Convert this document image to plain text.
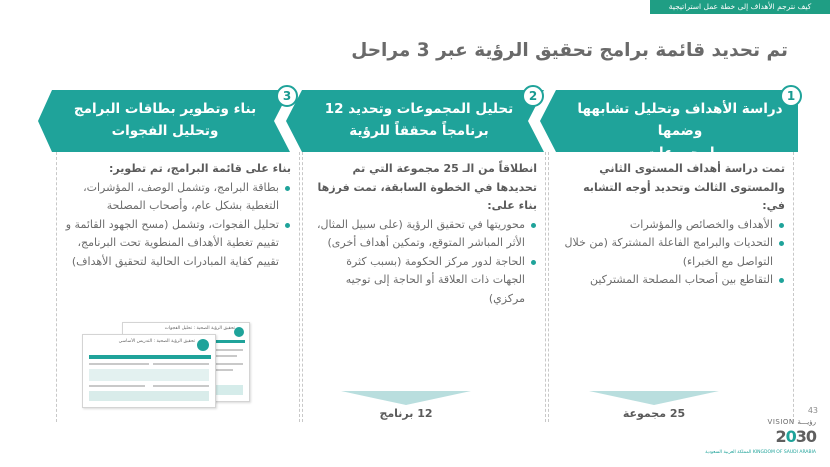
كيف نترجم الأهداف إلى خطة عمل استراتيجية
تم تحديد قائمة برامج تحقيق الرؤية عبر 3 مراحل
بناء وتطوير بطاقات البرامج
وتحليل الفجوات
3
تحليل المجموعات وتحديد 12
برنامجاً محققاً للرؤية
2
دراسة الأهداف وتحليل تشابهها وضمها
لمجموعات
1
بناء على قائمة البرامج، تم تطوير:
بطاقة البرامج، وتشمل الوصف، المؤشرات، التغطية بشكل عام، وأصحاب المصلحة
تحليل الفجوات، وتشمل (مسح الجهود القائمة و تقييم تغطية الأهداف المنطوية تحت البرنامج، تقييم كفاية المبادرات الحالية لتحقيق الأهداف)
انطلاقاً من الـ 25 مجموعة التي تم تحديدها في الخطوة السابقة، تمت فرزها بناء على:
محوريتها في تحقيق الرؤية (على سبيل المثال، الأثر المباشر المتوقع، وتمكين أهداف أخرى)
الحاجة لدور مركز الحكومة (بسبب كثرة الجهات ذات العلاقة أو الحاجة إلى توجيه مركزي)
تمت دراسة أهداف المستوى الثاني والمستوى الثالث وتحديد أوجه التشابه في:
الأهداف والخصائص والمؤشرات
التحديات والبرامج الفاعلة المشتركة (من خلال التواصل مع الخبراء)
التقاطع بين أصحاب المصلحة المشتركين
تحقيق الرؤية الصحية : تحليل الفجوات
تحقيق الرؤية الصحية : التدريس الأساسي
12 برنامج	25 مجموعة	43
VISION رؤيـــة
2030
المملكة العربية السعودية KINGDOM OF SAUDI ARABIA
